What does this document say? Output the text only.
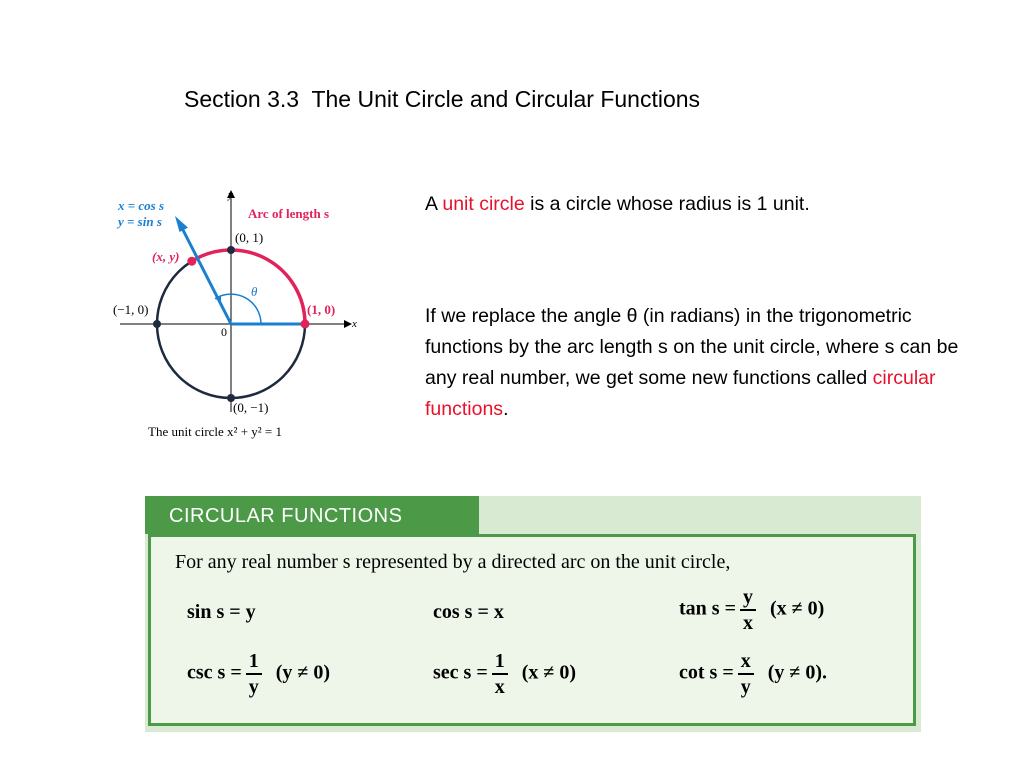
Section 3.3  The Unit Circle and Circular Functions
x = cos s
y = sin s
Arc of length s
y
x
(0, 1)
(x, y)
θ
(−1, 0)	(1, 0)
0
(0, −1)
The unit circle x² + y² = 1

A unit circle is a circle whose radius is 1 unit.

If we replace the angle θ (in radians) in the trigonometric functions by the arc length s on the unit circle, where s can be any real number, we get some new functions called circular functions.

CIRCULAR FUNCTIONS
For any real number s represented by a directed arc on the unit circle,
sin s = y	cos s = x	$\tan s = \frac{y}{x} (x \ne 0)$
$\csc s = \frac{1}{y} (y \ne 0)$	$\sec s = \frac{1}{x} (x \ne 0)$	$\cot s = \frac{x}{y} (y \ne 0)$.
